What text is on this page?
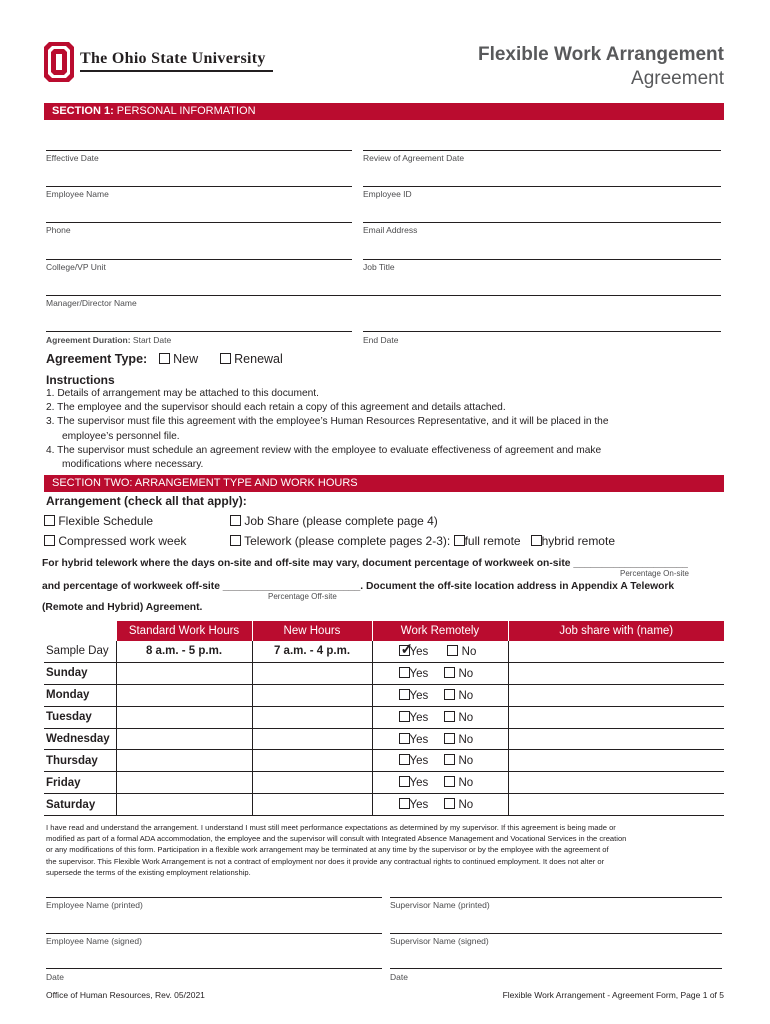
The Ohio State University	Flexible Work Arrangement
Agreement
SECTION 1: PERSONAL INFORMATION
Effective Date	Review of Agreement Date
Employee Name	Employee ID
Phone	Email Address
College/VP Unit	Job Title
Manager/Director Name
Agreement Duration: Start Date	End Date
Agreement Type: New	Renewal
Instructions
1. Details of arrangement may be attached to this document.
2. The employee and the supervisor should each retain a copy of this agreement and details attached.
3. The supervisor must file this agreement with the employee’s Human Resources Representative, and it will be placed in the
employee’s personnel file.
4. The supervisor must schedule an agreement review with the employee to evaluate effectiveness of agreement and make
modifications where necessary.
SECTION TWO: ARRANGEMENT TYPE AND WORK HOURS
Arrangement (check all that apply):
Flexible Schedule
Compressed work week
Job Share (please complete page 4)
Telework (please complete pages 2-3): full remote hybrid remote
For hybrid telework where the days on-site and off-site may vary, document percentage of workweek on-site ____________________
Percentage On-site
and percentage of workweek off-site ________________________. Document the off-site location address in Appendix A Telework
Percentage Off-site
(Remote and Hybrid) Agreement.
	Standard Work Hours	New Hours	Work Remotely	Job share with (name)
Sample Day	8 a.m. - 5 p.m.	7 a.m. - 4 p.m.	✓Yes No	
Sunday			Yes No	
Monday			Yes No	
Tuesday			Yes No	
Wednesday			Yes No	
Thursday			Yes No	
Friday			Yes No	
Saturday			Yes No	
I have read and understand the arrangement. I understand I must still meet performance expectations as determined by my supervisor. If this agreement is being made or
modified as part of a formal ADA accommodation, the employee and the supervisor will consult with Integrated Absence Management and Vocational Services in the creation
or any modifications of this form. Participation in a flexible work arrangement may be terminated at any time by the supervisor or by the employee with the agreement of
the supervisor. This Flexible Work Arrangement is not a contract of employment nor does it provide any contractual rights to continued employment. It does not alter or
supersede the terms of the existing employment relationship.
Employee Name (printed)	Supervisor Name (printed)
Employee Name (signed)	Supervisor Name (signed)
Date	Date
Office of Human Resources, Rev. 05/2021	Flexible Work Arrangement - Agreement Form, Page 1 of 5
